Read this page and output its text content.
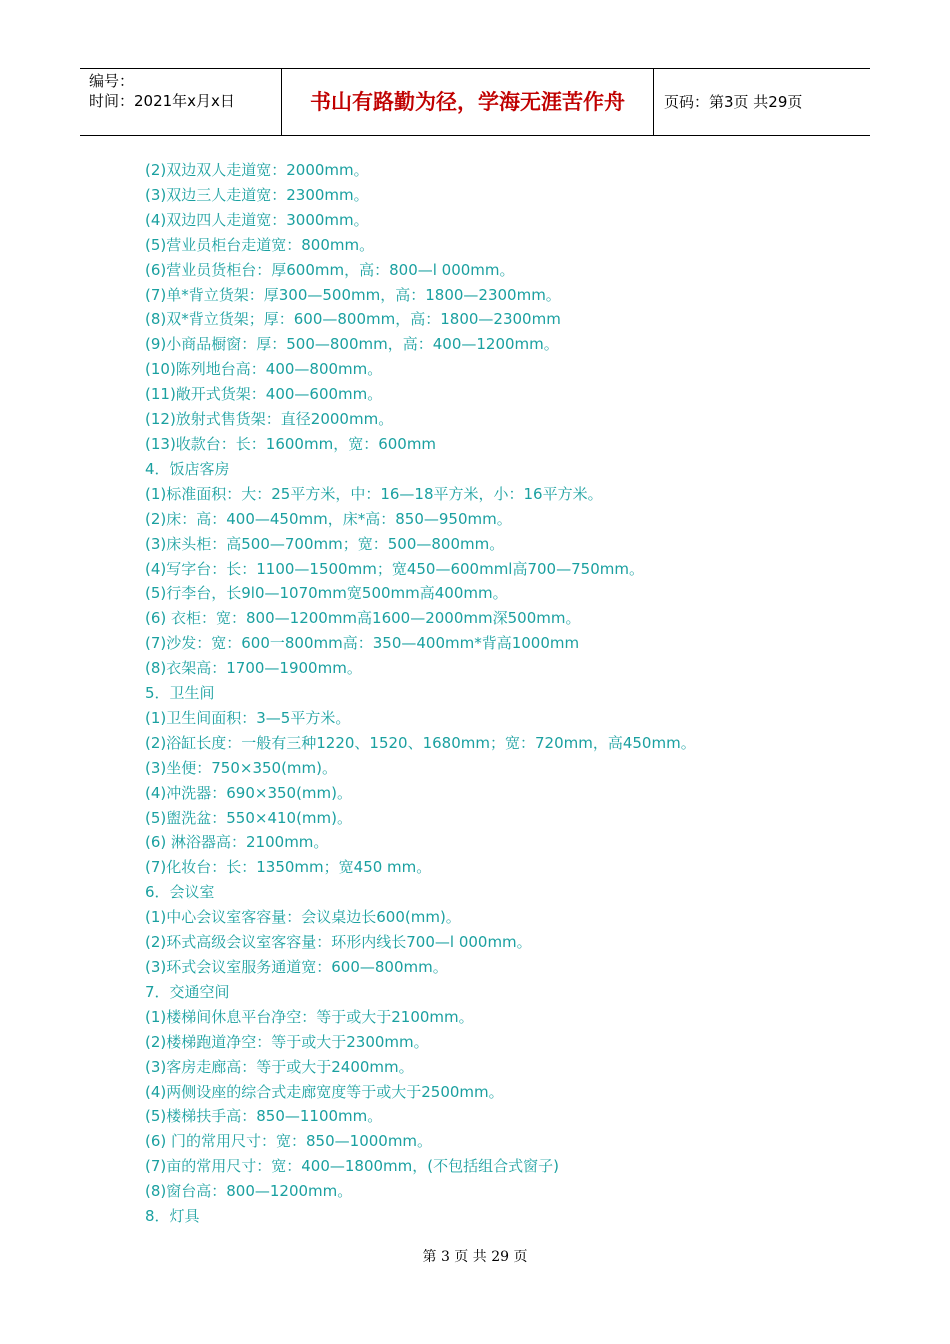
编号：
时间：2021年x月x日	书山有路勤为径，学海无涯苦作舟	页码：第3页 共29页
(2)双边双人走道宽：2000mm。
(3)双边三人走道宽：2300mm。
(4)双边四人走道宽：3000mm。
(5)营业员柜台走道宽：800mm。
(6)营业员货柜台：厚600mm，高：800—l 000mm。
(7)单*背立货架：厚300—500mm，高：1800—2300mm。
(8)双*背立货架；厚：600—800mm，高：1800—2300mm
(9)小商品橱窗：厚：500—800mm，高：400—1200mm。
(10)陈列地台高：400—800mm。
(11)敞开式货架：400—600mm。
(12)放射式售货架：直径2000mm。
(13)收款台：长：1600mm，宽：600mm
4．饭店客房
(1)标准面积：大：25平方米，中：16—18平方米，小：16平方米。
(2)床：高：400—450mm，床*高：850—950mm。
(3)床头柜：高500—700mm；宽：500—800mm。
(4)写字台：长：1100—1500mm；宽450—600mml高700—750mm。
(5)行李台，长9l0—1070mm宽500mm高400mm。
(6) 衣柜：宽：800—1200mm高1600—2000mm深500mm。
(7)沙发：宽：600一800mm高：350—400mm*背高1000mm
(8)衣架高：1700—1900mm。
5．卫生间
(1)卫生间面积：3—5平方米。
(2)浴缸长度：一般有三种1220、1520、1680mm；宽：720mm，高450mm。
(3)坐便：750×350(mm)。
(4)冲洗器：690×350(mm)。
(5)盥洗盆：550×410(mm)。
(6) 淋浴器高：2100mm。
(7)化妆台：长：1350mm；宽450 mm。
6．会议室
(1)中心会议室客容量：会议桌边长600(mm)。
(2)环式高级会议室客容量：环形内线长700—l 000mm。
(3)环式会议室服务通道宽：600—800mm。
7．交通空间
(1)楼梯间休息平台净空：等于或大于2100mm。
(2)楼梯跑道净空：等于或大于2300mm。
(3)客房走廊高：等于或大于2400mm。
(4)两侧设座的综合式走廊宽度等于或大于2500mm。
(5)楼梯扶手高：850—1100mm。
(6) 门的常用尺寸：宽：850—1000mm。
(7)亩的常用尺寸：宽：400—1800mm，(不包括组合式窗子)
(8)窗台高：800—1200mm。
8．灯具
第 3 页 共 29 页
